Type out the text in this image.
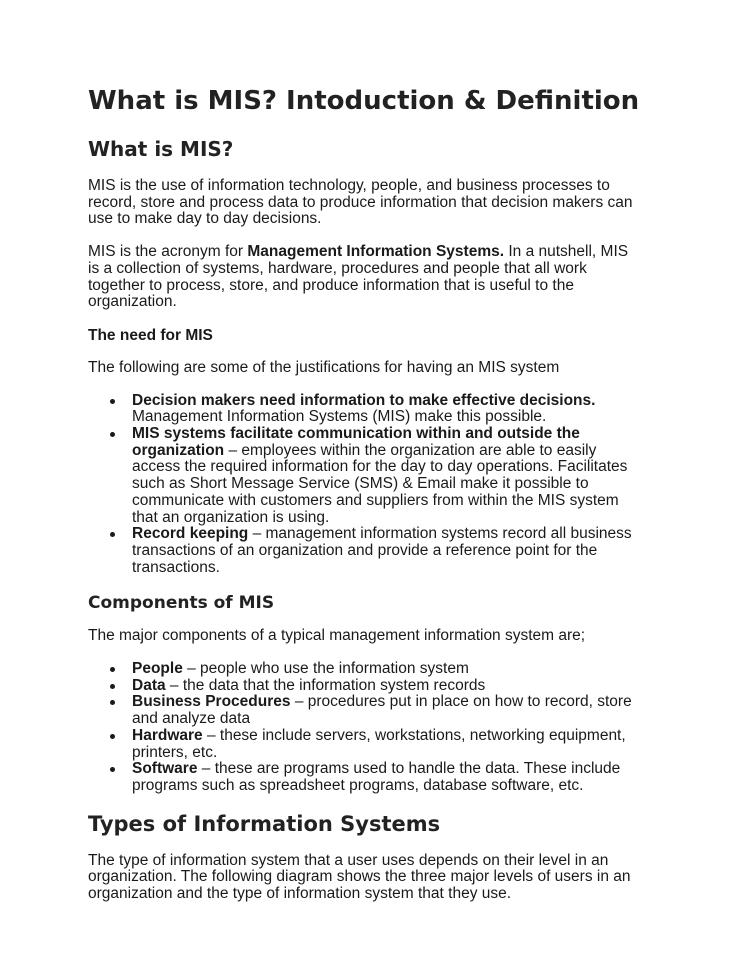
What is MIS? Intoduction & Definition
What is MIS?

MIS is the use of information technology, people, and business processes to record, store and process data to produce information that decision makers can use to make day to day decisions.

MIS is the acronym for Management Information Systems. In a nutshell, MIS is a collection of systems, hardware, procedures and people that all work together to process, store, and produce information that is useful to the organization.

The need for MIS

The following are some of the justifications for having an MIS system

Decision makers need information to make effective decisions. Management Information Systems (MIS) make this possible.
MIS systems facilitate communication within and outside the organization – employees within the organization are able to easily access the required information for the day to day operations. Facilitates such as Short Message Service (SMS) & Email make it possible to communicate with customers and suppliers from within the MIS system that an organization is using.
Record keeping – management information systems record all business transactions of an organization and provide a reference point for the transactions.
Components of MIS

The major components of a typical management information system are;

People – people who use the information system
Data – the data that the information system records
Business Procedures – procedures put in place on how to record, store and analyze data
Hardware – these include servers, workstations, networking equipment, printers, etc.
Software – these are programs used to handle the data. These include programs such as spreadsheet programs, database software, etc.
Types of Information Systems

The type of information system that a user uses depends on their level in an organization. The following diagram shows the three major levels of users in an organization and the type of information system that they use.
